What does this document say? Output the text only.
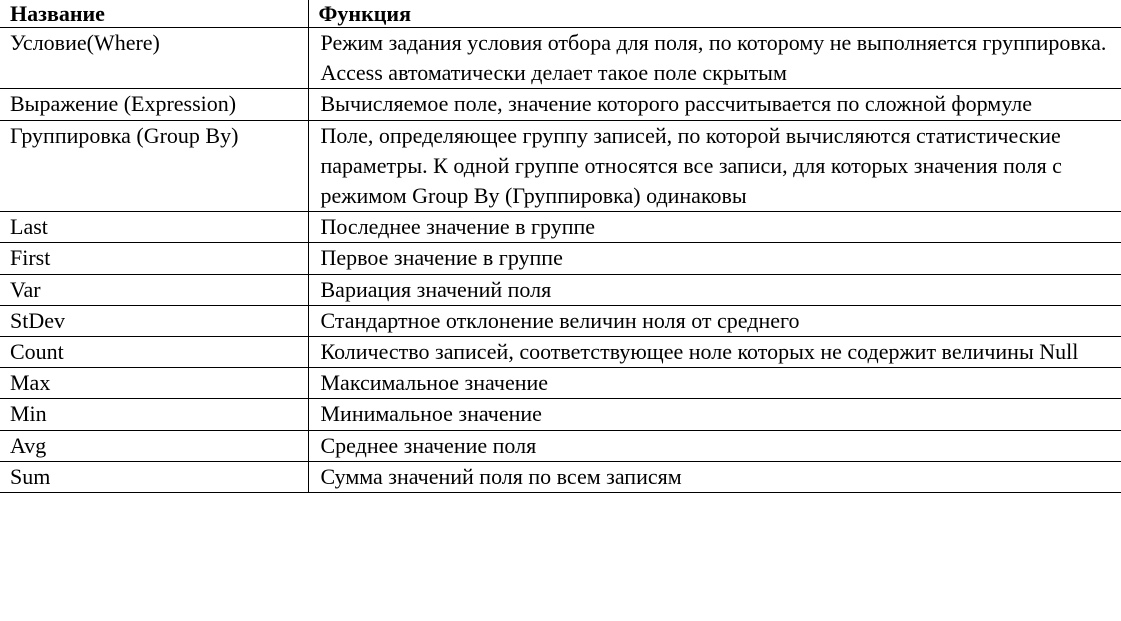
Название	Функция
Условие(Where)	Режим задания условия отбора для поля, по которому не выполняется группировка. Access автоматически делает такое поле скрытым
Выражение (Expression)	Вычисляемое поле, значение которого рассчитывается по сложной формуле
Группировка (Group By)	Поле, определяющее группу записей, по которой вычисляются статистические параметры. К одной группе относятся все записи, для которых значения поля с режимом Group By (Группировка) одинаковы
Last	Последнее значение в группе
First	Первое значение в группе
Var	Вариация значений поля
StDev	Стандартное отклонение величин ноля от среднего
Count	Количество записей, соответствующее ноле которых не содержит величины Null
Max	Максимальное значение
Min	Минимальное значение
Avg	Среднее значение поля
Sum	Сумма значений поля по всем записям
